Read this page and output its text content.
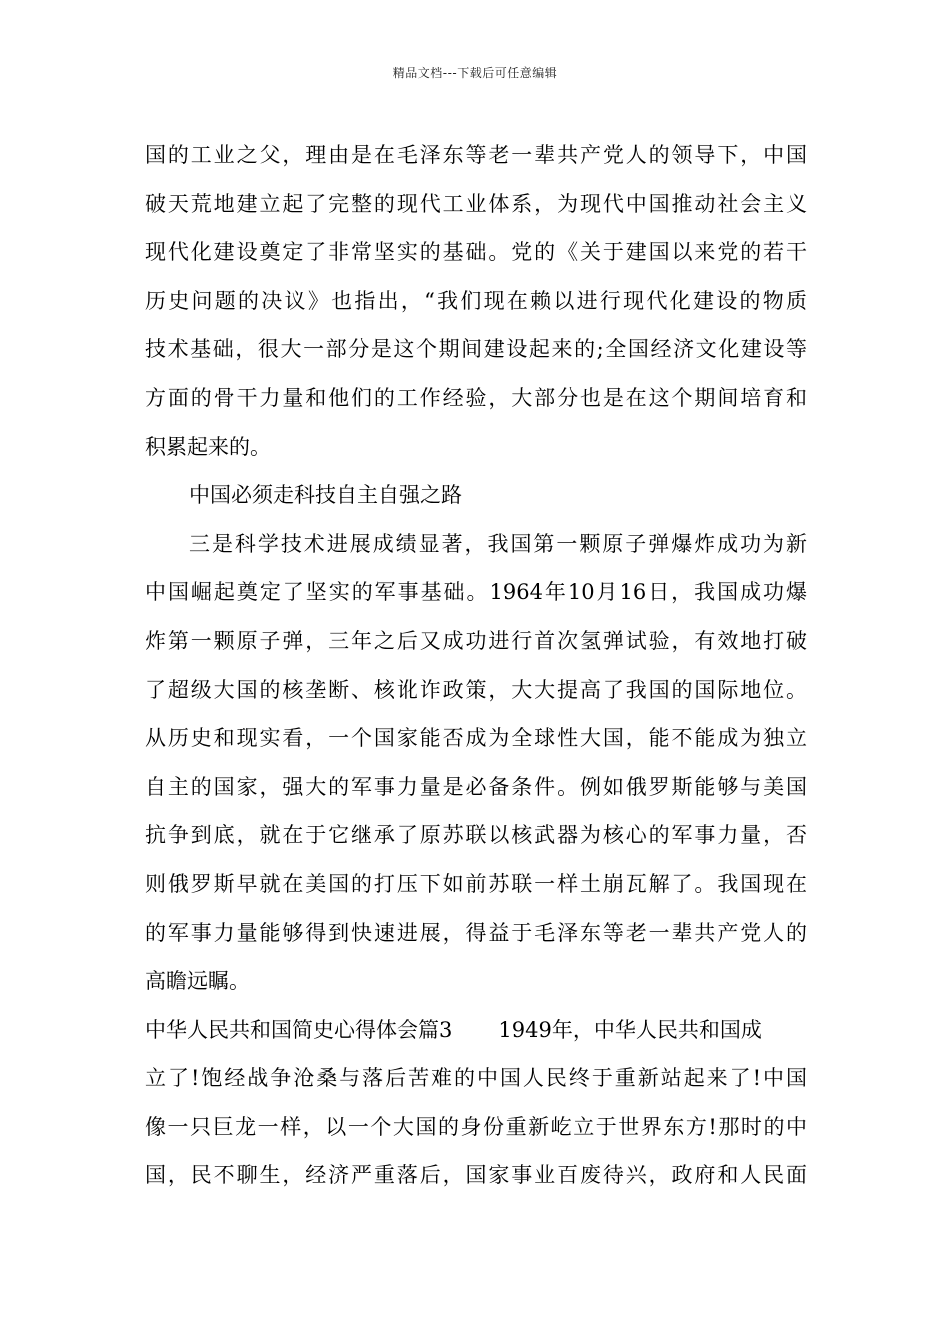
精品文档---下载后可任意编辑
国的工业之父，理由是在毛泽东等老一辈共产党人的领导下，中国
破天荒地建立起了完整的现代工业体系，为现代中国推动社会主义
现代化建设奠定了非常坚实的基础。党的《关于建国以来党的若干
历史问题的决议》也指出，“我们现在赖以进行现代化建设的物质
技术基础，很大一部分是这个期间建设起来的;全国经济文化建设等
方面的骨干力量和他们的工作经验，大部分也是在这个期间培育和
积累起来的。
中国必须走科技自主自强之路
三是科学技术进展成绩显著，我国第一颗原子弹爆炸成功为新
中国崛起奠定了坚实的军事基础。1964年10月16日，我国成功爆
炸第一颗原子弹，三年之后又成功进行首次氢弹试验，有效地打破
了超级大国的核垄断、核讹诈政策，大大提高了我国的国际地位。
从历史和现实看，一个国家能否成为全球性大国，能不能成为独立
自主的国家，强大的军事力量是必备条件。例如俄罗斯能够与美国
抗争到底，就在于它继承了原苏联以核武器为核心的军事力量，否
则俄罗斯早就在美国的打压下如前苏联一样土崩瓦解了。我国现在
的军事力量能够得到快速进展，得益于毛泽东等老一辈共产党人的
高瞻远瞩。
中华人民共和国简史心得体会篇3 1949年，中华人民共和国成
立了!饱经战争沧桑与落后苦难的中国人民终于重新站起来了!中国
像一只巨龙一样，以一个大国的身份重新屹立于世界东方!那时的中
国，民不聊生，经济严重落后，国家事业百废待兴，政府和人民面
